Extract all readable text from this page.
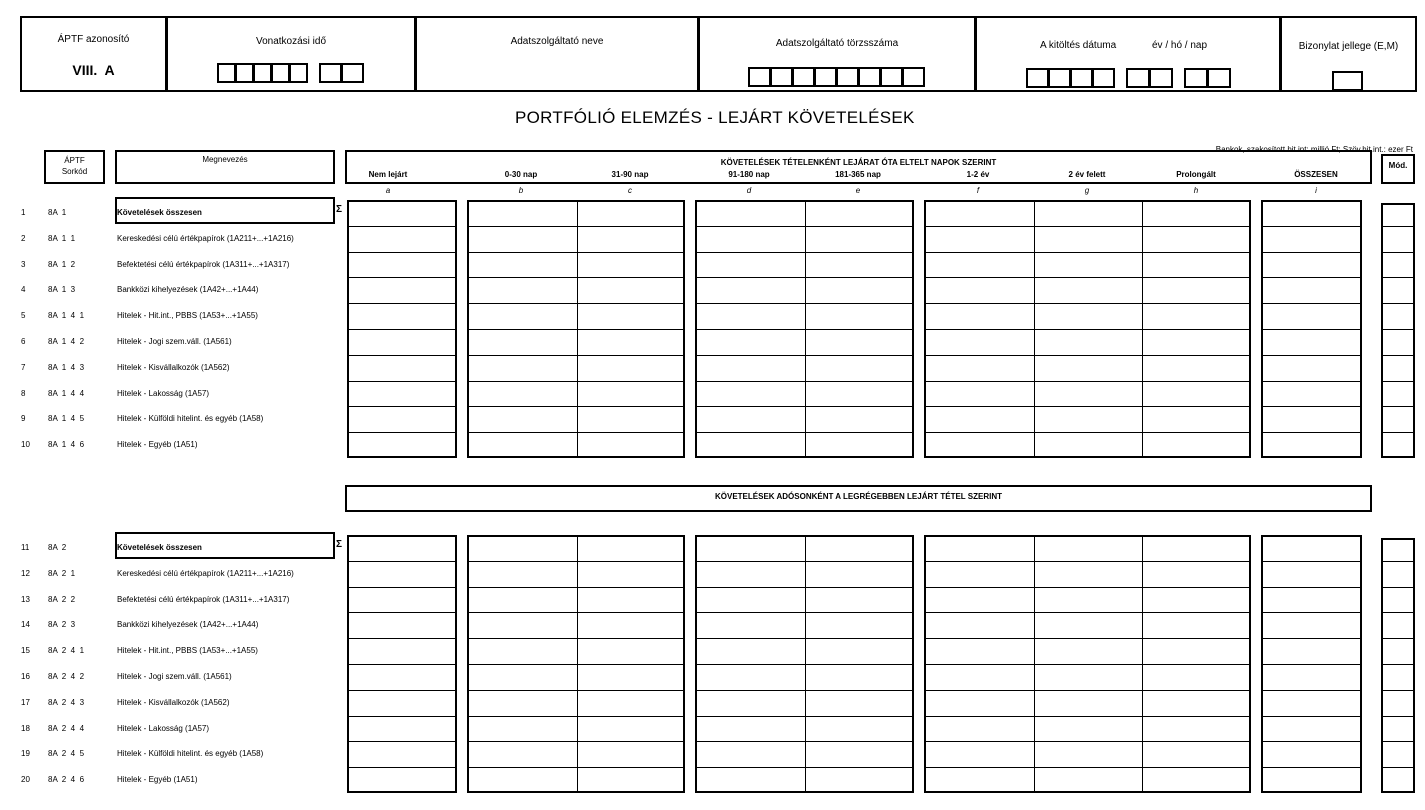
ÁPTF azonosító
VIII.  A
Vonatkozási idő	Adatszolgáltató neve	Adatszolgáltató törzsszáma	A kitöltés dátuma	év / hó / nap	Bizonylat jellege (E,M)
PORTFÓLIÓ ELEMZÉS - LEJÁRT KÖVETELÉSEK
Bankok, szakosított hit.int: millió Ft; Szöv.hit.int.: ezer Ft
ÁPTF Sorkód
Megnevezés	KÖVETELÉSEK TÉTELENKÉNT LEJÁRAT ÓTA ELTELT NAPOK SZERINT	Mód.
Nem lejárt
a
0-30 nap
b
31-90 nap
c
91-180 nap
d
181-365 nap
e
1-2 év
f
2 év felett
g
Prolongált
h
ÖSSZESEN
i
KÖVETELÉSEK ADÓSONKÉNT A LEGRÉGEBBEN LEJÁRT TÉTEL SZERINT
1	8A  1	Követelések összesen	Σ
2	8A  1  1	Kereskedési célú értékpapírok (1A211+...+1A216)
3	8A  1  2	Befektetési célú értékpapírok (1A311+...+1A317)
4	8A  1  3	Bankközi kihelyezések (1A42+...+1A44)
5	8A  1  4  1	Hitelek - Hit.int., PBBS (1A53+...+1A55)
6	8A  1  4  2	Hitelek - Jogi szem.váll. (1A561)
7	8A  1  4  3	Hitelek - Kisvállalkozók (1A562)
8	8A  1  4  4	Hitelek - Lakosság (1A57)
9	8A  1  4  5	Hitelek - Külföldi hitelint. és egyéb (1A58)
10 8A  1  4  6	Hitelek - Egyéb (1A51)
11 8A  2	Követelések összesen	Σ
12 8A  2  1	Kereskedési célú értékpapírok (1A211+...+1A216)
13 8A  2  2	Befektetési célú értékpapírok (1A311+...+1A317)
14 8A  2  3	Bankközi kihelyezések (1A42+...+1A44)
15 8A  2  4  1	Hitelek - Hit.int., PBBS (1A53+...+1A55)
16 8A  2  4  2	Hitelek - Jogi szem.váll. (1A561)
17 8A  2  4  3	Hitelek - Kisvállalkozók (1A562)
18 8A  2  4  4	Hitelek - Lakosság (1A57)
19 8A  2  4  5	Hitelek - Külföldi hitelint. és egyéb (1A58)
20 8A  2  4  6	Hitelek - Egyéb (1A51)
